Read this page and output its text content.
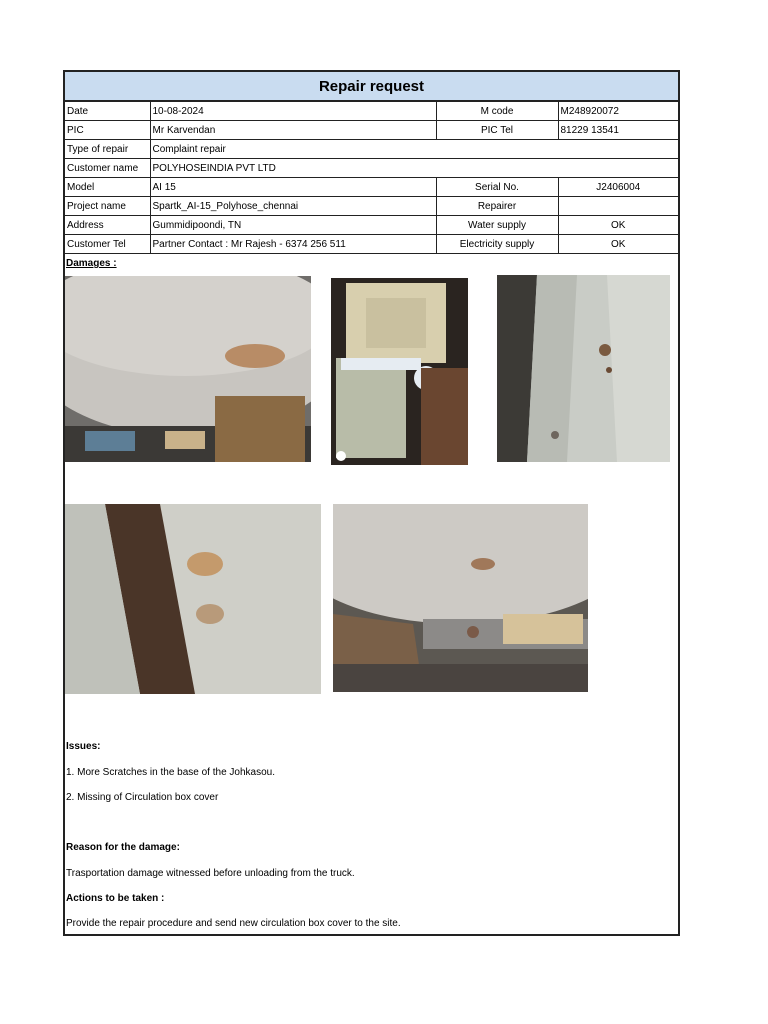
Repair request
Date	10-08-2024	M code	M248920072
PIC	Mr Karvendan	PIC Tel	81229 13541
Type of repair	Complaint repair		
Customer name	POLYHOSEINDIA PVT LTD		
Model	AI 15	Serial No.	J2406004
Project name	Spartk_AI-15_Polyhose_chennai	Repairer	
Address	Gummidipoondi, TN	Water supply	OK
Customer Tel	Partner Contact : Mr Rajesh - 6374 256 511	Electricity supply	OK
Damages :
Issues:
1. More Scratches in the base of the Johkasou.
2. Missing of Circulation box cover
Reason for the damage:
Trasportation damage witnessed before unloading from the truck.
Actions to be taken :
Provide the repair procedure and send new circulation box cover to the site.
